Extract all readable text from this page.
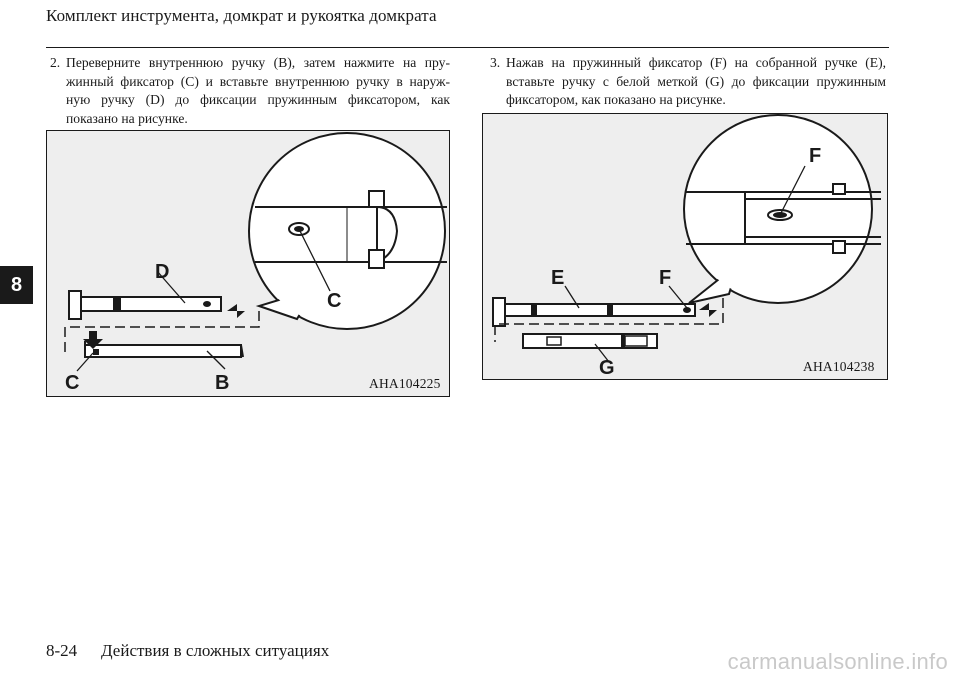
Комплект инструмента, домкрат и рукоятка домкрата
8
2. Переверните внутреннюю ручку (B), затем нажмите на пру-
жинный фиксатор (C) и вставьте внутреннюю ручку в наруж-
ную ручку (D) до фиксации пружинным фиксатором, как
показано на рисунке.
3. Нажав на пружинный фиксатор (F) на собранной ручке (E),
вставьте ручку с белой меткой (G) до фиксации пружинным
фиксатором, как показано на рисунке.
C
D
C	B	AHA104225
F
E	F
G	AHA104238
8-24 Действия в сложных ситуациях	carmanualsonline.info
